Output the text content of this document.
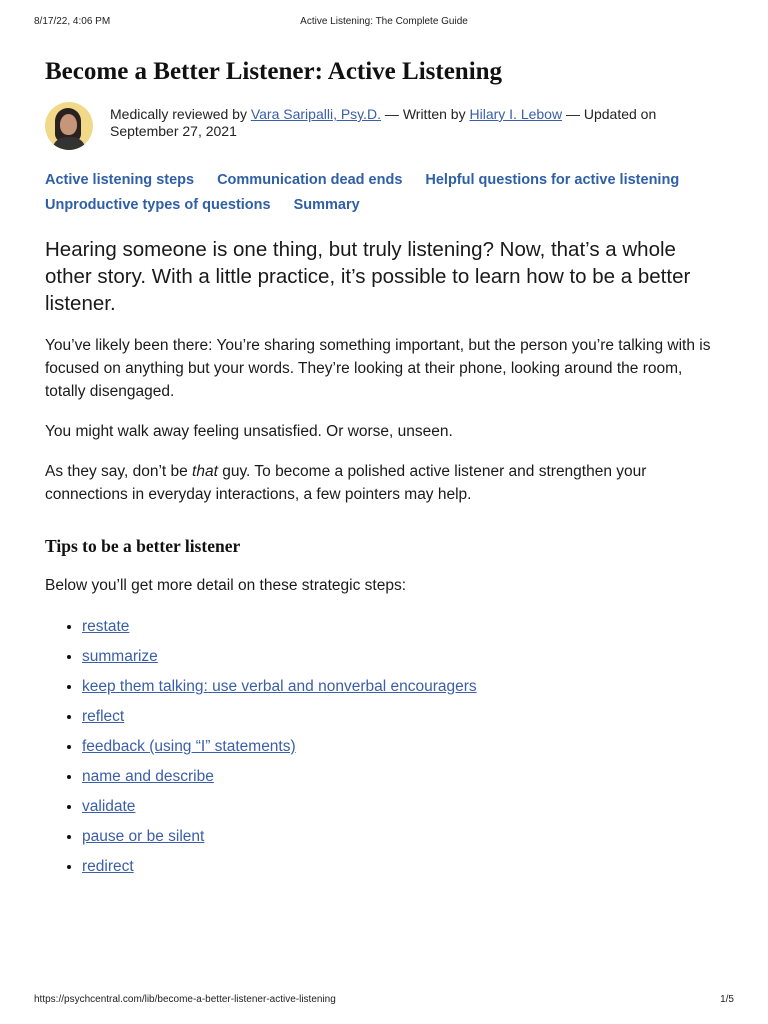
8/17/22, 4:06 PM	Active Listening: The Complete Guide
Become a Better Listener: Active Listening
Medically reviewed by Vara Saripalli, Psy.D. — Written by Hilary I. Lebow — Updated on September 27, 2021
Active listening steps Communication dead ends Helpful questions for active listening
Unproductive types of questions Summary
Hearing someone is one thing, but truly listening? Now, that’s a whole other story. With a little practice, it’s possible to learn how to be a better listener.

You’ve likely been there: You’re sharing something important, but the person you’re talking with is focused on anything but your words. They’re looking at their phone, looking around the room, totally disengaged.

You might walk away feeling unsatisfied. Or worse, unseen.

As they say, don’t be that guy. To become a polished active listener and strengthen your connections in everyday interactions, a few pointers may help.

Tips to be a better listener

Below you’ll get more detail on these strategic steps:

• restate
• summarize
• keep them talking: use verbal and nonverbal encouragers
• reflect
• feedback (using “I” statements)
• name and describe
• validate
• pause or be silent
• redirect
https://psychcentral.com/lib/become-a-better-listener-active-listening	1/5
